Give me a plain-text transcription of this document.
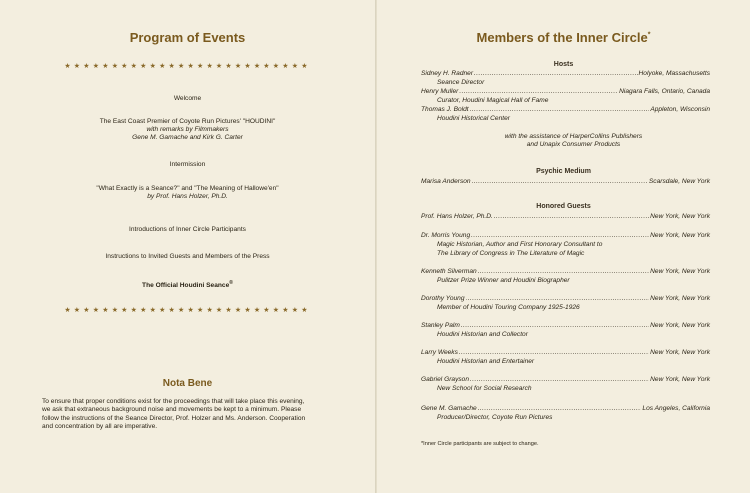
Program of Events
★★★★★★★★★★★★★★★★★★★★★★★★★★
Welcome
The East Coast Premier of Coyote Run Pictures' "HOUDINI"
with remarks by Filmmakers
Gene M. Gamache and Kirk G. Carter
Intermission
"What Exactly is a Seance?" and "The Meaning of Hallowe'en"
by Prof. Hans Holzer, Ph.D.
Introductions of Inner Circle Participants
Instructions to Invited Guests and Members of the Press
The Official Houdini Seance®
★★★★★★★★★★★★★★★★★★★★★★★★★★
Nota Bene
To ensure that proper conditions exist for the proceedings that will take place this evening,
we ask that extraneous background noise and movements be kept to a minimum. Please
follow the instructions of the Seance Director, Prof. Holzer and Ms. Anderson. Cooperation
and concentration by all are imperative.
Members of the Inner Circle*
Hosts
Sidney H. Radner .....	Holyoke, Massachusetts
Seance Director
Henry Muller .....	Niagara Falls, Ontario, Canada
Curator, Houdini Magical Hall of Fame
Thomas J. Boldt .....	Appleton, Wisconsin
Houdini Historical Center
with the assistance of HarperCollins Publishers
and Unapix Consumer Products
Psychic Medium
Marisa Anderson .....	Scarsdale, New York
Honored Guests
Prof. Hans Holzer, Ph.D. .....	New York, New York
Dr. Morris Young .....	New York, New York
Magic Historian, Author and First Honorary Consultant to
The Library of Congress in The Literature of Magic
Kenneth Silverman .....	New York, New York
Pulitzer Prize Winner and Houdini Biographer
Dorothy Young .....	New York, New York
Member of Houdini Touring Company 1925-1926
Stanley Palm .....	New York, New York
Houdini Historian and Collector
Larry Weeks .....	New York, New York
Houdini Historian and Entertainer
Gabriel Grayson .....	New York, New York
New School for Social Research
Gene M. Gamache .....	Los Angeles, California
Producer/Director, Coyote Run Pictures
*Inner Circle participants are subject to change.
